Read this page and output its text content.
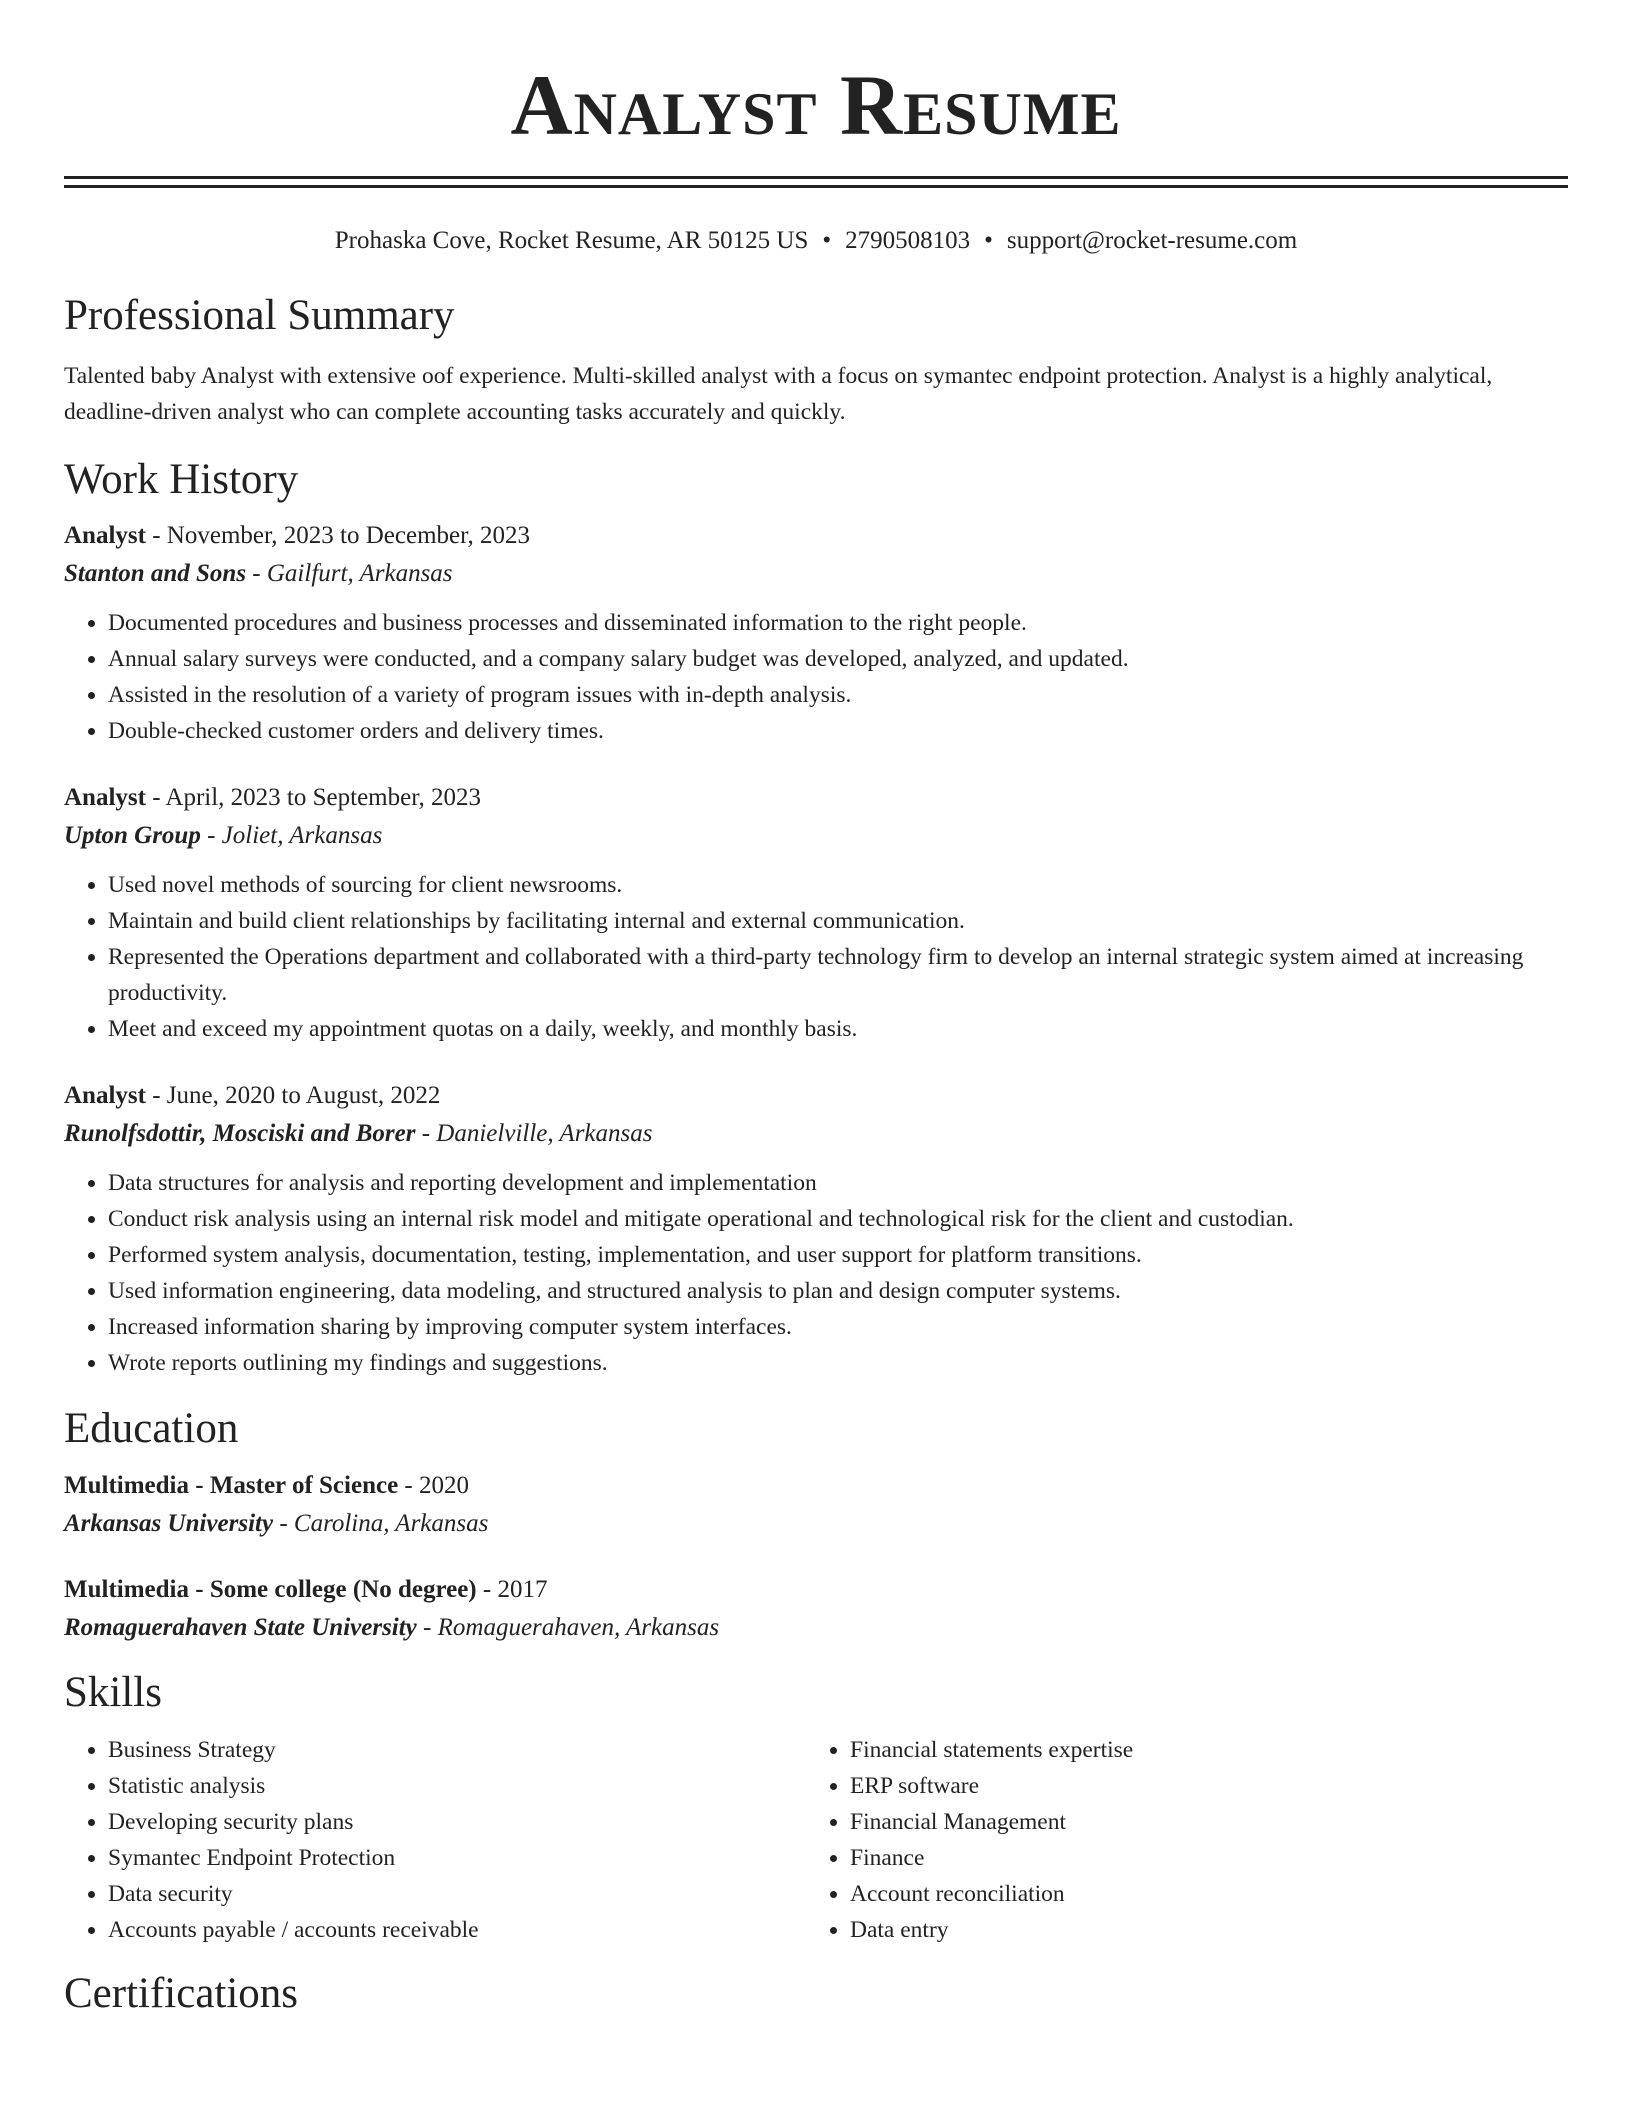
Analyst Resume
Prohaska Cove, Rocket Resume, AR 50125 US • 2790508103 • support@rocket-resume.com
Professional Summary

Talented baby Analyst with extensive oof experience. Multi-skilled analyst with a focus on symantec endpoint protection. Analyst is a highly analytical, deadline-driven analyst who can complete accounting tasks accurately and quickly.

Work History

Analyst - November, 2023 to December, 2023

Stanton and Sons - Gailfurt, Arkansas

• Documented procedures and business processes and disseminated information to the right people.
• Annual salary surveys were conducted, and a company salary budget was developed, analyzed, and updated.
• Assisted in the resolution of a variety of program issues with in-depth analysis.
• Double-checked customer orders and delivery times.

Analyst - April, 2023 to September, 2023

Upton Group - Joliet, Arkansas

• Used novel methods of sourcing for client newsrooms.
• Maintain and build client relationships by facilitating internal and external communication.
• Represented the Operations department and collaborated with a third-party technology firm to develop an internal strategic system aimed at increasing productivity.
• Meet and exceed my appointment quotas on a daily, weekly, and monthly basis.

Analyst - June, 2020 to August, 2022

Runolfsdottir, Mosciski and Borer - Danielville, Arkansas

• Data structures for analysis and reporting development and implementation
• Conduct risk analysis using an internal risk model and mitigate operational and technological risk for the client and custodian.
• Performed system analysis, documentation, testing, implementation, and user support for platform transitions.
• Used information engineering, data modeling, and structured analysis to plan and design computer systems.
• Increased information sharing by improving computer system interfaces.
• Wrote reports outlining my findings and suggestions.
Education

Multimedia - Master of Science - 2020

Arkansas University - Carolina, Arkansas

Multimedia - Some college (No degree) - 2017

Romaguerahaven State University - Romaguerahaven, Arkansas

Skills
• Business Strategy
• Statistic analysis
• Developing security plans
• Symantec Endpoint Protection
• Data security
• Accounts payable / accounts receivable
• Financial statements expertise
• ERP software
• Financial Management
• Finance
• Account reconciliation
• Data entry
Certifications
